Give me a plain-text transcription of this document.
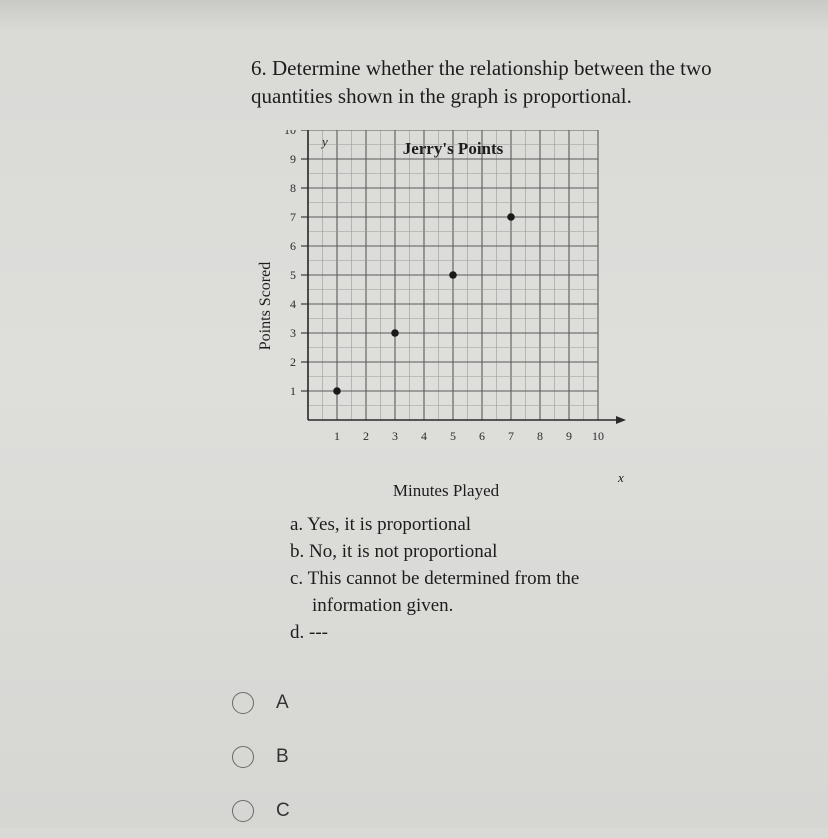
6. Determine whether the relationship between the two
quantities shown in the graph is proportional.
1 2 3 4 5 6 7 8 9 10
1
2
3
4
5
6
7
8
9
10
Jerry's Points
Minutes Played
Points Scored
x
y
a. Yes, it is proportional
b. No, it is not proportional
c. This cannot be determined from the
information given.
d. ---
A
B
C
